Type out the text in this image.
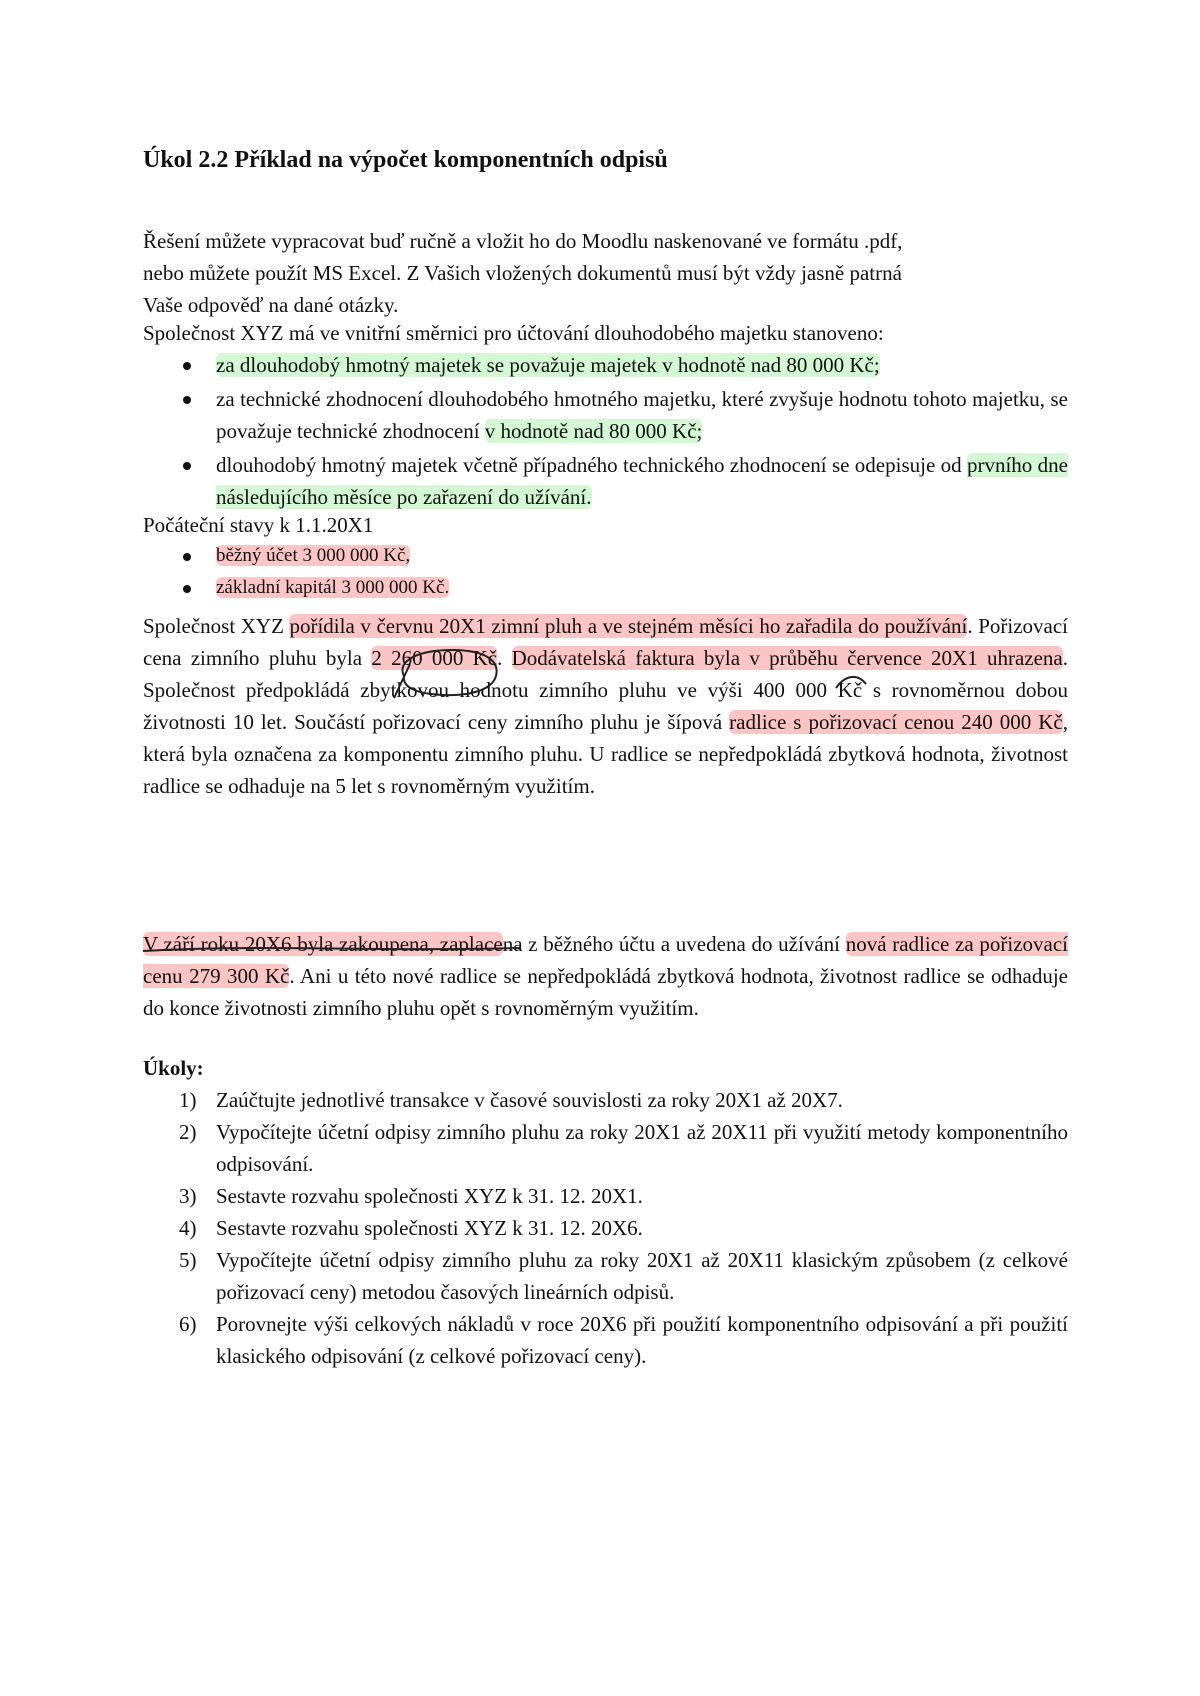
Úkol 2.2 Příklad na výpočet komponentních odpisů
Řešení můžete vypracovat buď ručně a vložit ho do Moodlu naskenované ve formátu .pdf,
nebo můžete použít MS Excel. Z Vašich vložených dokumentů musí být vždy jasně patrná
Vaše odpověď na dané otázky.
Společnost XYZ má ve vnitřní směrnici pro účtování dlouhodobého majetku stanoveno:
za dlouhodobý hmotný majetek se považuje majetek v hodnotě nad 80 000 Kč;
za technické zhodnocení dlouhodobého hmotného majetku, které zvyšuje hodnotu tohoto majetku, se považuje technické zhodnocení v hodnotě nad 80 000 Kč;
dlouhodobý hmotný majetek včetně případného technického zhodnocení se odepisuje od prvního dne následujícího měsíce po zařazení do užívání.
Počáteční stavy k 1.1.20X1
běžný účet 3 000 000 Kč,
základní kapitál 3 000 000 Kč.

Společnost XYZ pořídila v červnu 20X1 zimní pluh a ve stejném měsíci ho zařadila do používání. Pořizovací cena zimního pluhu byla 2 260 000 Kč. Dodávatelská faktura byla v průběhu července 20X1 uhrazena. Společnost předpokládá zbytkovou hodnotu zimního pluhu ve výši 400 000 Kč s rovnoměrnou dobou životnosti 10 let. Součástí pořizovací ceny zimního pluhu je šípová radlice s pořizovací cenou 240 000 Kč, která byla označena za komponentu zimního pluhu. U radlice se nepředpokládá zbytková hodnota, životnost radlice se odhaduje na 5 let s rovnoměrným využitím.

V září roku 20X6 byla zakoupena, zaplacena z běžného účtu a uvedena do užívání nová radlice za pořizovací cenu 279 300 Kč. Ani u této nové radlice se nepředpokládá zbytková hodnota, životnost radlice se odhaduje do konce životnosti zimního pluhu opět s rovnoměrným využitím.

Úkoly:
1) Zaúčtujte jednotlivé transakce v časové souvislosti za roky 20X1 až 20X7.
2) Vypočítejte účetní odpisy zimního pluhu za roky 20X1 až 20X11 při využití metody komponentního odpisování.
3) Sestavte rozvahu společnosti XYZ k 31. 12. 20X1.
4) Sestavte rozvahu společnosti XYZ k 31. 12. 20X6.
5) Vypočítejte účetní odpisy zimního pluhu za roky 20X1 až 20X11 klasickým způsobem (z celkové pořizovací ceny) metodou časových lineárních odpisů.
6) Porovnejte výši celkových nákladů v roce 20X6 při použití komponentního odpisování a při použití klasického odpisování (z celkové pořizovací ceny).
